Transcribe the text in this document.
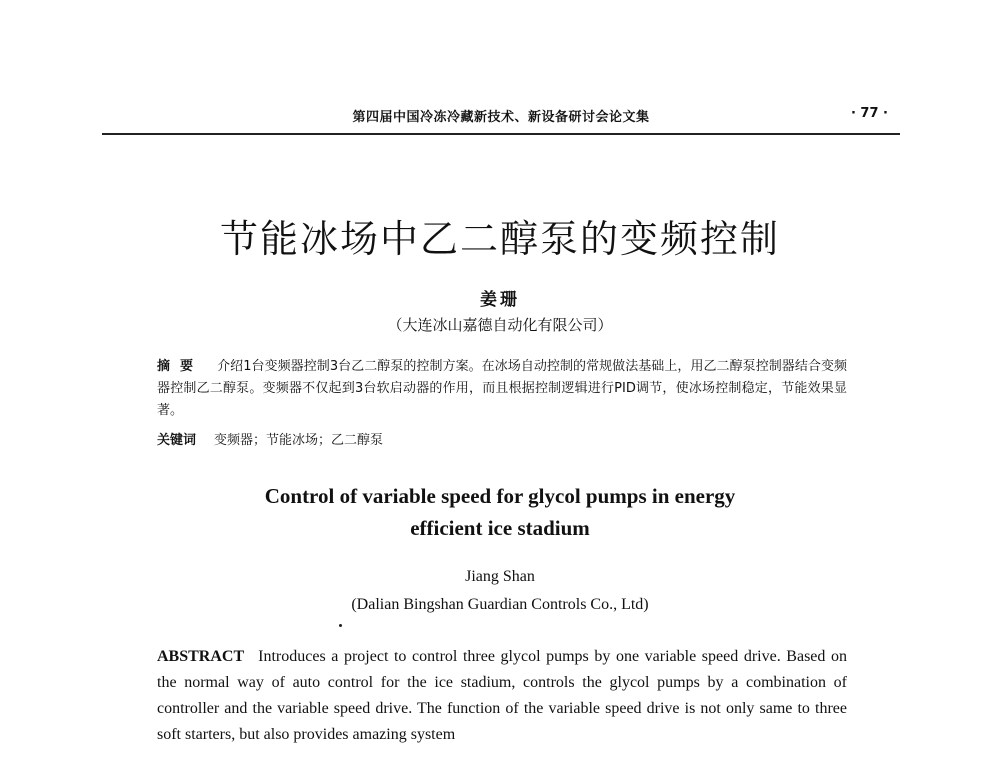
第四届中国冷冻冷藏新技术、新设备研讨会论文集	· 77 ·
节能冰场中乙二醇泵的变频控制
姜珊
（大连冰山嘉德自动化有限公司）
摘要 介绍1台变频器控制3台乙二醇泵的控制方案。在冰场自动控制的常规做法基础上，用乙二醇泵控制器结合变频器控制乙二醇泵。变频器不仅起到3台软启动器的作用，而且根据控制逻辑进行PID调节，使冰场控制稳定，节能效果显著。
关键词 变频器；节能冰场；乙二醇泵
Control of variable speed for glycol pumps in energy
efficient ice stadium
Jiang Shan
(Dalian Bingshan Guardian Controls Co., Ltd)
ABSTRACT Introduces a project to control three glycol pumps by one variable speed drive. Based on the normal way of auto control for the ice stadium, controls the glycol pumps by a combination of controller and the variable speed drive. The function of the variable speed drive is not only same to three soft starters, but also provides amazing system
